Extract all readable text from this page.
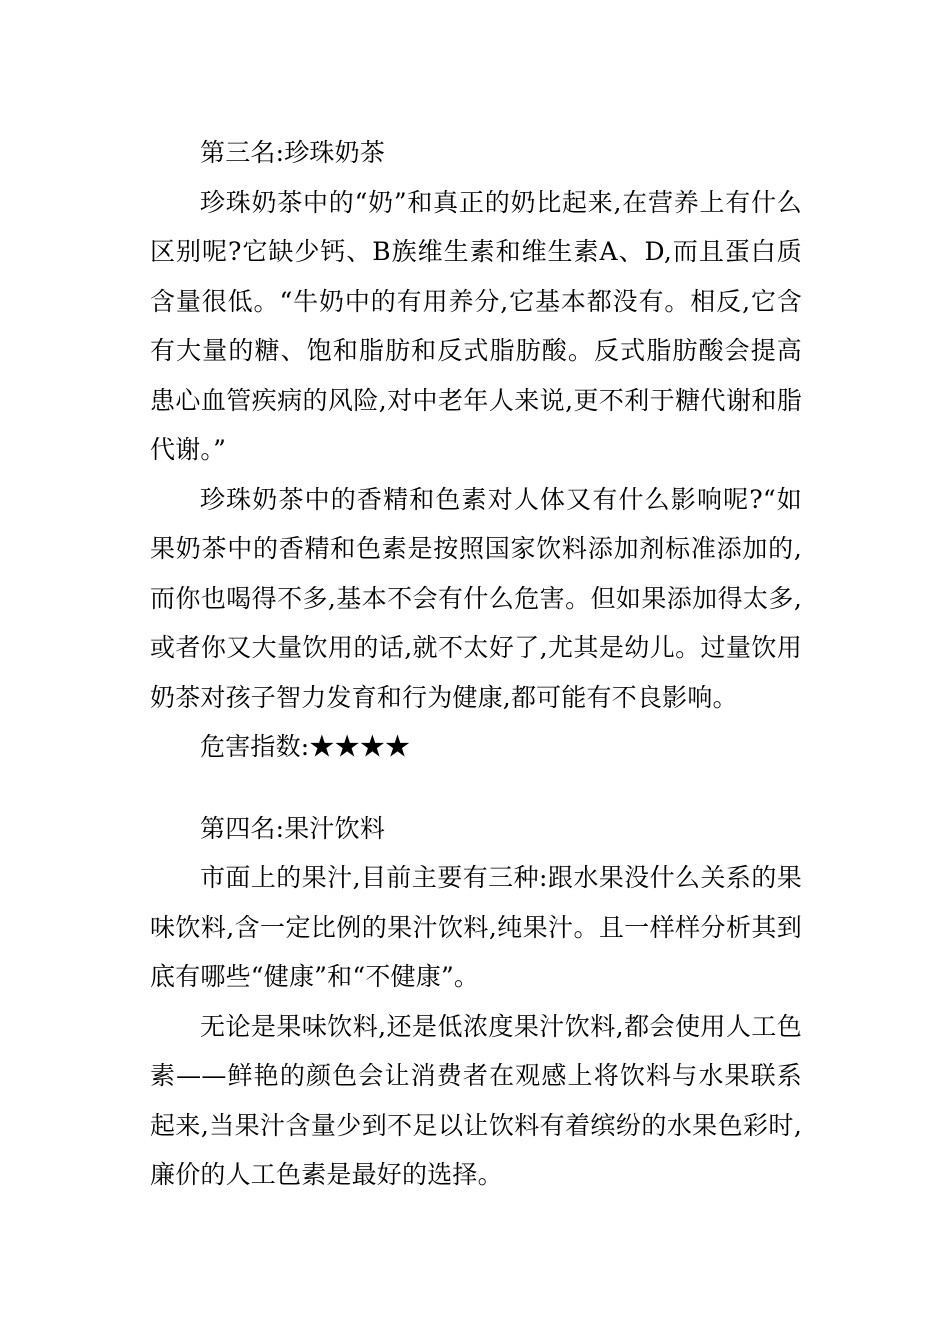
第三名:珍珠奶茶

珍珠奶茶中的“奶”和真正的奶比起来,在营养上有什么区别呢?它缺少钙、B族维生素和维生素A、D,而且蛋白质含量很低。“牛奶中的有用养分,它基本都没有。相反,它含有大量的糖、饱和脂肪和反式脂肪酸。反式脂肪酸会提高患心血管疾病的风险,对中老年人来说,更不利于糖代谢和脂代谢。”

珍珠奶茶中的香精和色素对人体又有什么影响呢?“如果奶茶中的香精和色素是按照国家饮料添加剂标准添加的,而你也喝得不多,基本不会有什么危害。但如果添加得太多,或者你又大量饮用的话,就不太好了,尤其是幼儿。过量饮用奶茶对孩子智力发育和行为健康,都可能有不良影响。

危害指数:★★★★

第四名:果汁饮料

市面上的果汁,目前主要有三种:跟水果没什么关系的果味饮料,含一定比例的果汁饮料,纯果汁。且一样样分析其到底有哪些“健康”和“不健康”。

无论是果味饮料,还是低浓度果汁饮料,都会使用人工色素——鲜艳的颜色会让消费者在观感上将饮料与水果联系起来,当果汁含量少到不足以让饮料有着缤纷的水果色彩时,廉价的人工色素是最好的选择。
